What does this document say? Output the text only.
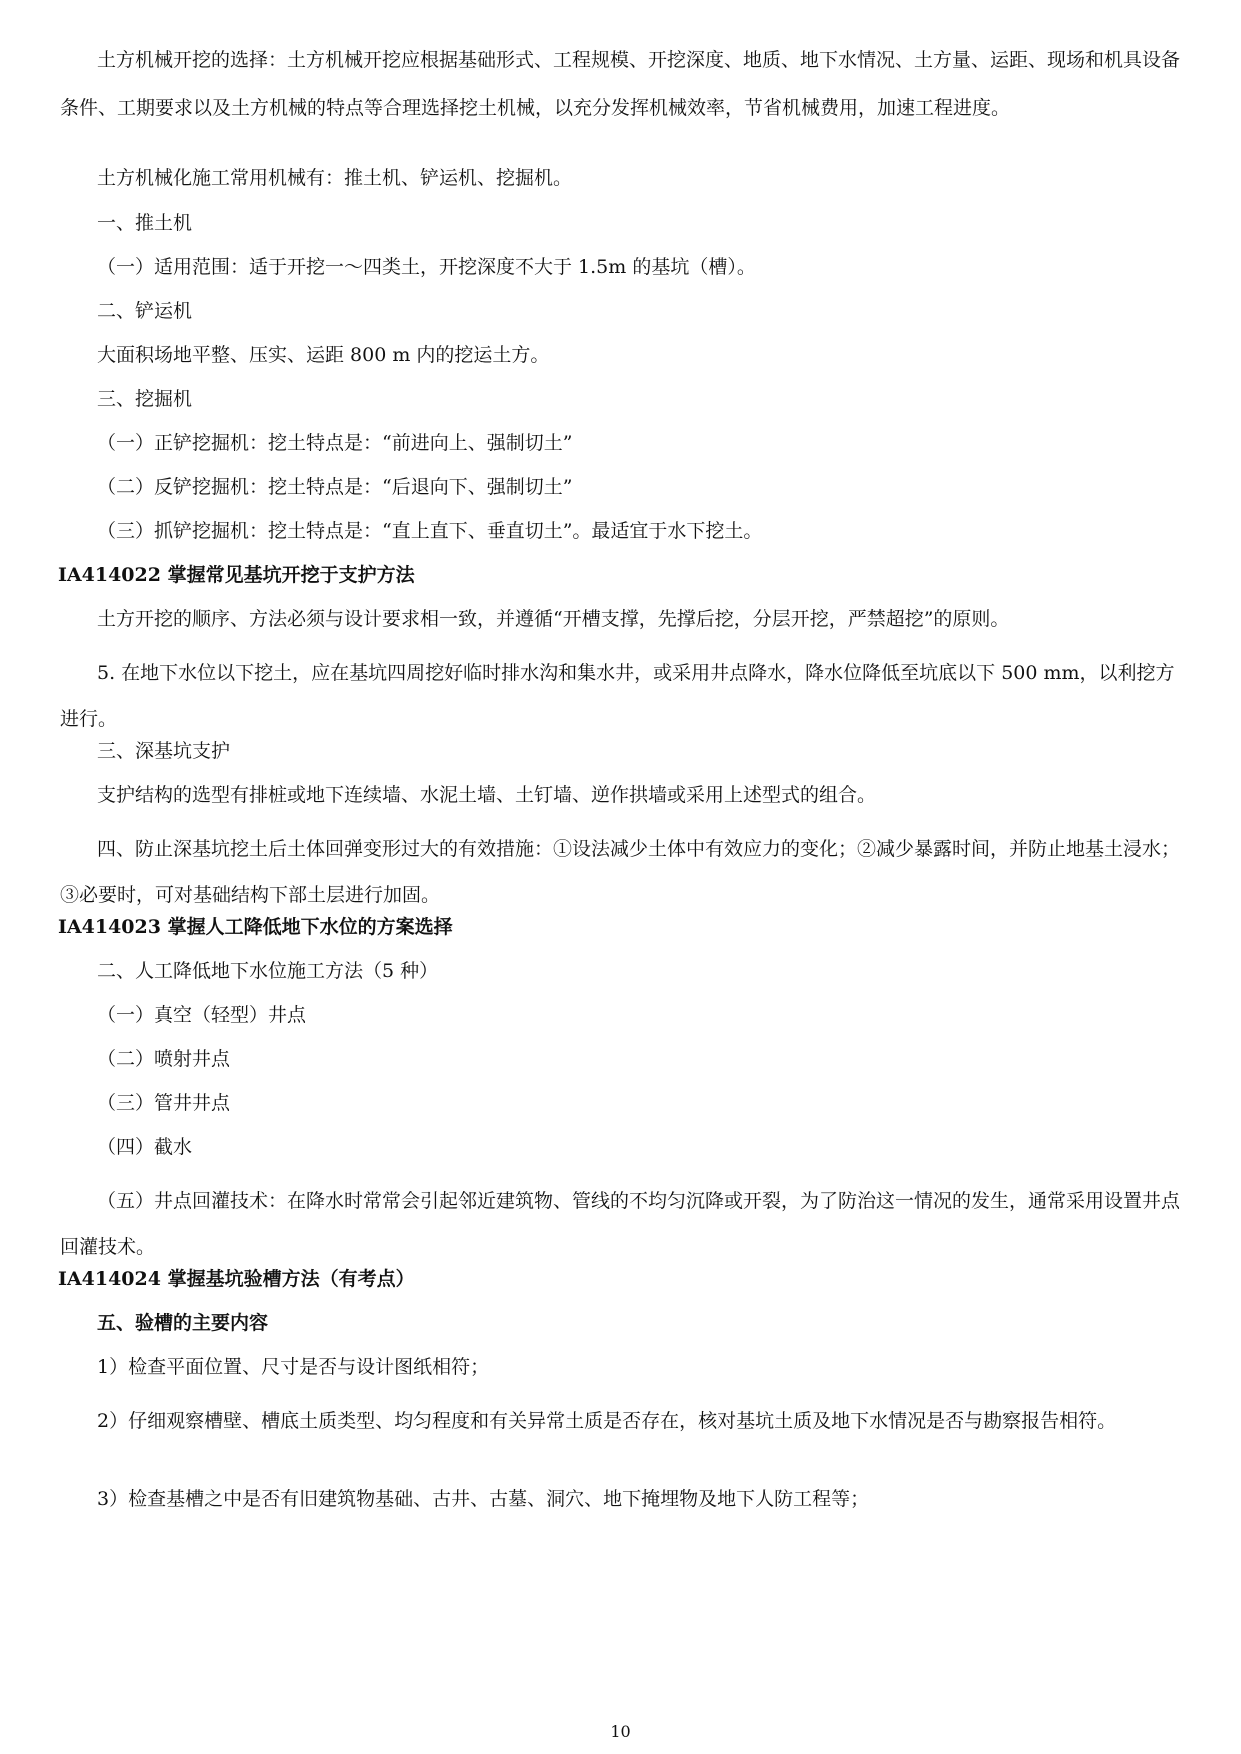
土方机械开挖的选择：土方机械开挖应根据基础形式、工程规模、开挖深度、地质、地下水情况、土方量、运距、现场和机具设备条件、工期要求以及土方机械的特点等合理选择挖土机械，以充分发挥机械效率，节省机械费用，加速工程进度。
土方机械化施工常用机械有：推土机、铲运机、挖掘机。
一、推土机
（一）适用范围：适于开挖一～四类土，开挖深度不大于 1.5m 的基坑（槽）。
二、铲运机
大面积场地平整、压实、运距 800 m 内的挖运土方。
三、挖掘机
（一）正铲挖掘机：挖土特点是：“前进向上、强制切土”
（二）反铲挖掘机：挖土特点是：“后退向下、强制切土”
（三）抓铲挖掘机：挖土特点是：“直上直下、垂直切土”。最适宜于水下挖土。
IA414022 掌握常见基坑开挖于支护方法
土方开挖的顺序、方法必须与设计要求相一致，并遵循“开槽支撑，先撑后挖，分层开挖，严禁超挖”的原则。
5. 在地下水位以下挖土，应在基坑四周挖好临时排水沟和集水井，或采用井点降水，降水位降低至坑底以下 500 mm，以利挖方进行。
三、深基坑支护
支护结构的选型有排桩或地下连续墙、水泥土墙、土钉墙、逆作拱墙或采用上述型式的组合。
四、防止深基坑挖土后土体回弹变形过大的有效措施：①设法减少土体中有效应力的变化；②减少暴露时间，并防止地基土浸水；③必要时，可对基础结构下部土层进行加固。
IA414023 掌握人工降低地下水位的方案选择
二、人工降低地下水位施工方法（5 种）
（一）真空（轻型）井点
（二）喷射井点
（三）管井井点
（四）截水
（五）井点回灌技术：在降水时常常会引起邻近建筑物、管线的不均匀沉降或开裂，为了防治这一情况的发生，通常采用设置井点回灌技术。
IA414024 掌握基坑验槽方法（有考点）
五、验槽的主要内容
1）检查平面位置、尺寸是否与设计图纸相符；
2）仔细观察槽壁、槽底土质类型、均匀程度和有关异常土质是否存在，核对基坑土质及地下水情况是否与勘察报告相符。
3）检查基槽之中是否有旧建筑物基础、古井、古墓、洞穴、地下掩埋物及地下人防工程等；
10
